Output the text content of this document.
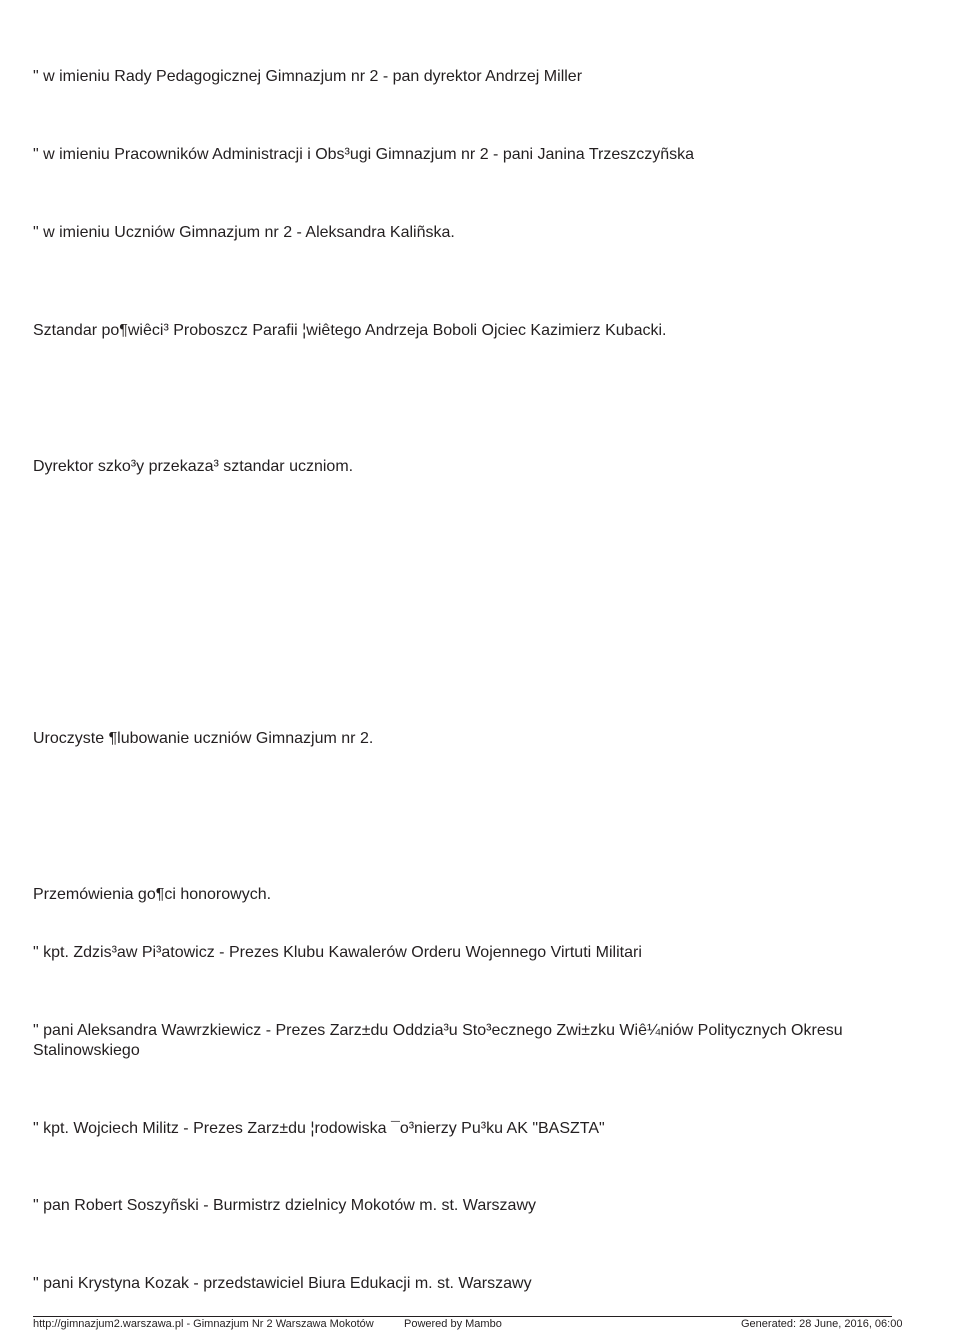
" w imieniu Rady Pedagogicznej Gimnazjum nr 2 - pan dyrektor Andrzej Miller

" w imieniu Pracowników Administracji i Obs³ugi Gimnazjum nr 2 - pani Janina Trzeszczyñska

" w imieniu Uczniów Gimnazjum nr 2 - Aleksandra Kaliñska.

Sztandar po¶wiêci³ Proboszcz Parafii ¦wiêtego Andrzeja Boboli Ojciec Kazimierz Kubacki.

Dyrektor szko³y przekaza³ sztandar uczniom.

Uroczyste ¶lubowanie uczniów Gimnazjum nr 2.

Przemówienia go¶ci honorowych.

" kpt. Zdzis³aw Pi³atowicz - Prezes Klubu Kawalerów Orderu Wojennego Virtuti Militari

" pani Aleksandra Wawrzkiewicz - Prezes Zarz±du Oddzia³u Sto³ecznego Zwi±zku Wiê¼niów Politycznych Okresu Stalinowskiego

" kpt. Wojciech Militz - Prezes Zarz±du ¦rodowiska ¯o³nierzy Pu³ku AK "BASZTA"

" pan Robert Soszyñski - Burmistrz dzielnicy Mokotów m. st. Warszawy

" pani Krystyna Kozak - przedstawiciel Biura Edukacji m. st. Warszawy

http://gimnazjum2.warszawa.pl - Gimnazjum Nr 2 Warszawa Mokotów	Powered by Mambo	Generated: 28 June, 2016, 06:00
